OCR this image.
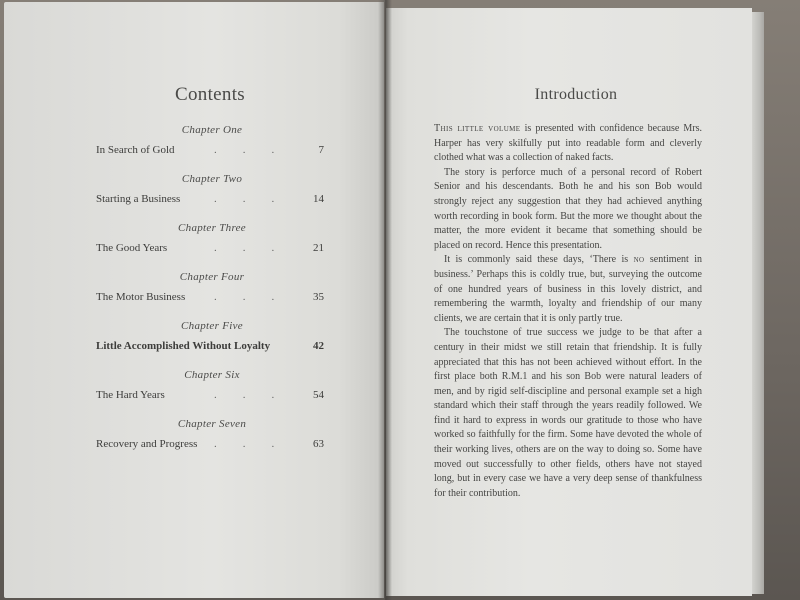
Contents
Chapter One
In Search of Gold	...	7
Chapter Two
Starting a Business	...	14
Chapter Three
The Good Years	...	21
Chapter Four
The Motor Business	...	35
Chapter Five
Little Accomplished Without Loyalty	42
Chapter Six
The Hard Years	...	54
Chapter Seven
Recovery and Progress ...	63
Introduction

This little volume is presented with confidence because Mrs. Harper has very skilfully put into readable form and cleverly clothed what was a collection of naked facts.

The story is perforce much of a personal record of Robert Senior and his descendants. Both he and his son Bob would strongly reject any suggestion that they had achieved anything worth recording in book form. But the more we thought about the matter, the more evident it became that something should be placed on record. Hence this presentation.

It is commonly said these days, ‘There is no sentiment in business.’ Perhaps this is coldly true, but, surveying the outcome of one hundred years of business in this lovely district, and remembering the warmth, loyalty and friendship of our many clients, we are certain that it is only partly true.

The touchstone of true success we judge to be that after a century in their midst we still retain that friendship. It is fully appreciated that this has not been achieved without effort. In the first place both R.M.1 and his son Bob were natural leaders of men, and by rigid self-discipline and personal example set a high standard which their staff through the years readily followed. We find it hard to express in words our gratitude to those who have worked so faithfully for the firm. Some have devoted the whole of their working lives, others are on the way to doing so. Some have moved out successfully to other fields, others have not stayed long, but in every case we have a very deep sense of thankfulness for their contribution.
